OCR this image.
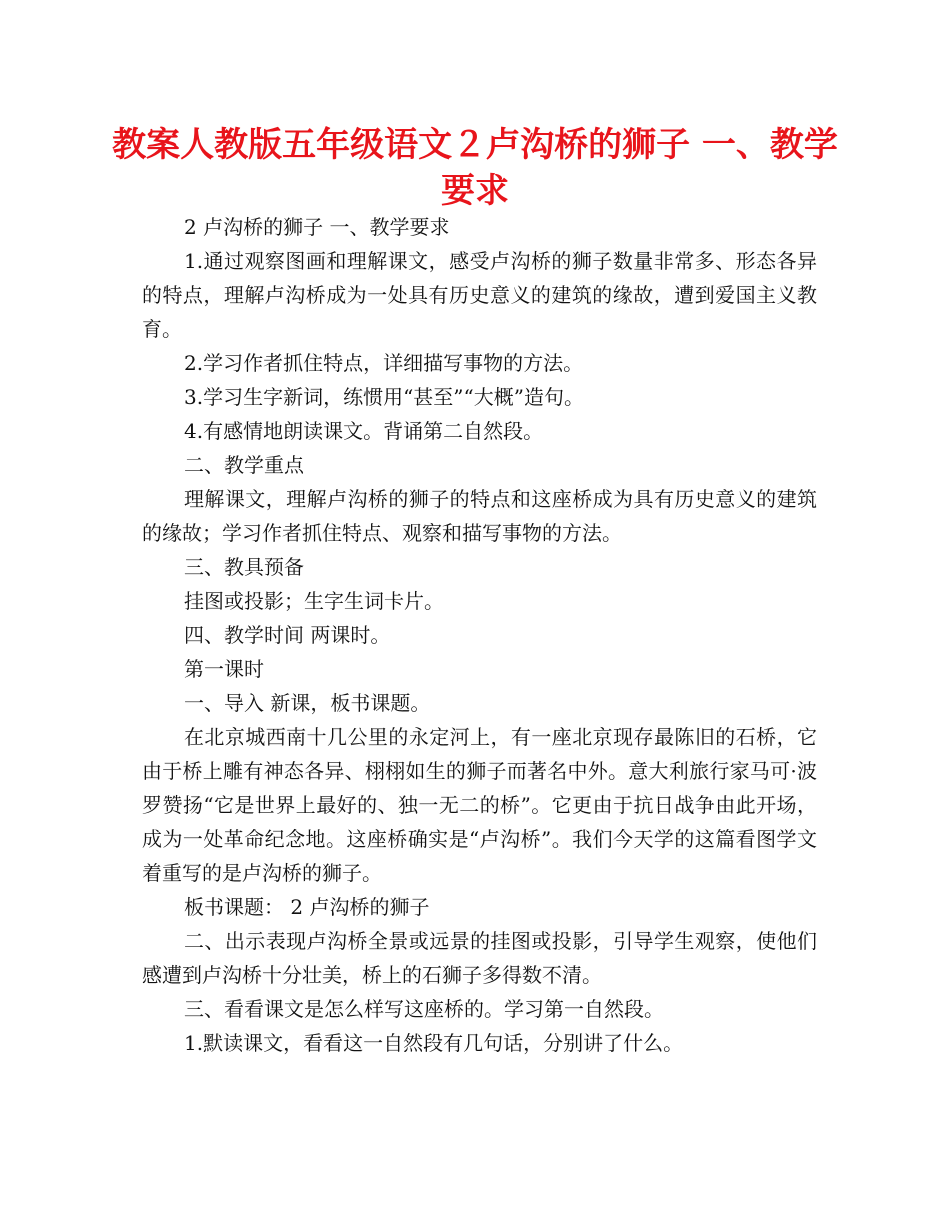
教案人教版五年级语文２卢沟桥的狮子 一、教学要求

2 卢沟桥的狮子 一、教学要求

1.通过观察图画和理解课文，感受卢沟桥的狮子数量非常多、形态各异的特点，理解卢沟桥成为一处具有历史意义的建筑的缘故，遭到爱国主义教育。

2.学习作者抓住特点，详细描写事物的方法。

3.学习生字新词，练惯用“甚至”“大概”造句。

4.有感情地朗读课文。背诵第二自然段。

二、教学重点

理解课文，理解卢沟桥的狮子的特点和这座桥成为具有历史意义的建筑的缘故；学习作者抓住特点、观察和描写事物的方法。

三、教具预备

挂图或投影；生字生词卡片。

四、教学时间 两课时。

第一课时

一、导入 新课，板书课题。

在北京城西南十几公里的永定河上，有一座北京现存最陈旧的石桥，它由于桥上雕有神态各异、栩栩如生的狮子而著名中外。意大利旅行家马可·波罗赞扬“它是世界上最好的、独一无二的桥”。它更由于抗日战争由此开场，成为一处革命纪念地。这座桥确实是“卢沟桥”。我们今天学的这篇看图学文着重写的是卢沟桥的狮子。

板书课题： 2 卢沟桥的狮子

二、出示表现卢沟桥全景或远景的挂图或投影，引导学生观察，使他们感遭到卢沟桥十分壮美，桥上的石狮子多得数不清。

三、看看课文是怎么样写这座桥的。学习第一自然段。

1.默读课文，看看这一自然段有几句话，分别讲了什么。
